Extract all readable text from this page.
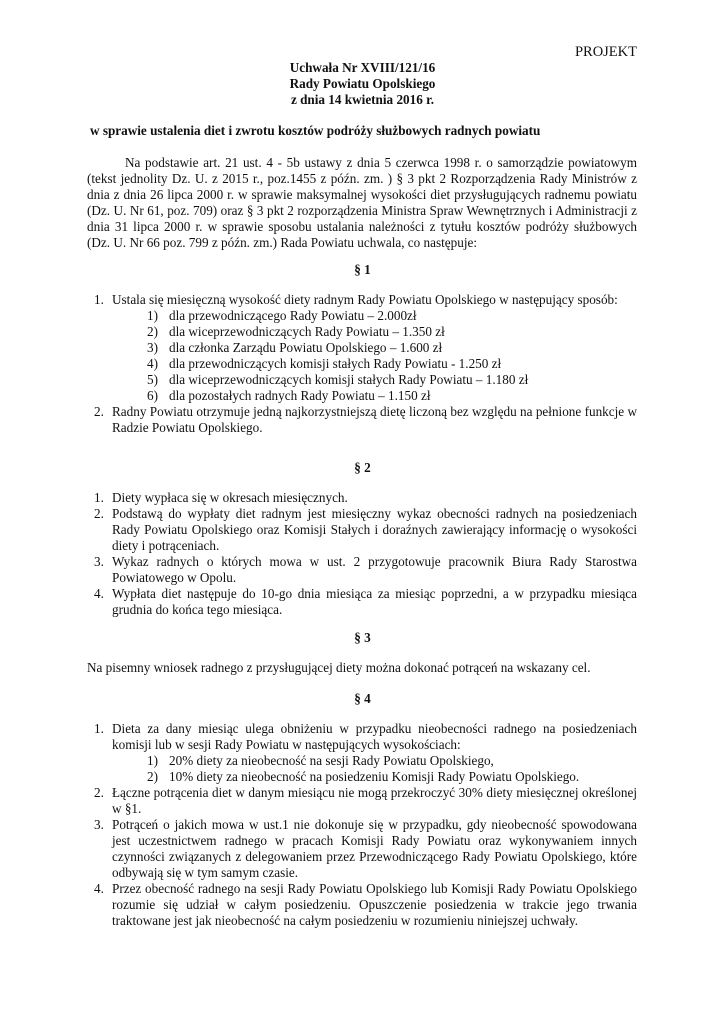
PROJEKT
Uchwała Nr XVIII/121/16
Rady Powiatu Opolskiego
z dnia 14 kwietnia 2016 r.
w sprawie ustalenia diet i zwrotu kosztów podróży służbowych radnych powiatu
Na podstawie art. 21 ust. 4 - 5b ustawy z dnia 5 czerwca 1998 r. o samorządzie powiatowym (tekst jednolity Dz. U. z 2015 r., poz.1455 z późn. zm. ) § 3 pkt 2 Rozporządzenia Rady Ministrów z dnia z dnia 26 lipca 2000 r. w sprawie maksymalnej wysokości diet przysługujących radnemu powiatu (Dz. U. Nr 61, poz. 709) oraz § 3 pkt 2 rozporządzenia Ministra Spraw Wewnętrznych i Administracji z dnia 31 lipca 2000 r. w sprawie sposobu ustalania należności z tytułu kosztów podróży służbowych (Dz. U. Nr 66 poz. 799 z późn. zm.) Rada Powiatu uchwala, co następuje:
§ 1
1. Ustala się miesięczną wysokość diety radnym Rady Powiatu Opolskiego w następujący sposób:
1) dla przewodniczącego Rady Powiatu – 2.000zł
2) dla wiceprzewodniczących Rady Powiatu – 1.350 zł
3) dla członka Zarządu Powiatu Opolskiego – 1.600 zł
4) dla przewodniczących komisji stałych Rady Powiatu - 1.250 zł
5) dla wiceprzewodniczących komisji stałych Rady Powiatu – 1.180 zł
6) dla pozostałych radnych Rady Powiatu – 1.150 zł
2. Radny Powiatu otrzymuje jedną najkorzystniejszą dietę liczoną bez względu na pełnione funkcje w Radzie Powiatu Opolskiego.
§ 2
1. Diety wypłaca się w okresach miesięcznych.
2. Podstawą do wypłaty diet radnym jest miesięczny wykaz obecności radnych na posiedzeniach Rady Powiatu Opolskiego oraz Komisji Stałych i doraźnych zawierający informację o wysokości diety i potrąceniach.
3. Wykaz radnych o których mowa w ust. 2 przygotowuje pracownik Biura Rady Starostwa Powiatowego w Opolu.
4. Wypłata diet następuje do 10-go dnia miesiąca za miesiąc poprzedni, a w przypadku miesiąca grudnia do końca tego miesiąca.
§ 3
Na pisemny wniosek radnego z przysługującej diety można dokonać potrąceń na wskazany cel.
§ 4
1. Dieta za dany miesiąc ulega obniżeniu w przypadku nieobecności radnego na posiedzeniach komisji lub w sesji Rady Powiatu w następujących wysokościach:
1) 20% diety za nieobecność na sesji Rady Powiatu Opolskiego,
2) 10% diety za nieobecność na posiedzeniu Komisji Rady Powiatu Opolskiego.
2. Łączne potrącenia diet w danym miesiącu nie mogą przekroczyć 30% diety miesięcznej określonej w §1.
3. Potrąceń o jakich mowa w ust.1 nie dokonuje się w przypadku, gdy nieobecność spowodowana jest uczestnictwem radnego w pracach Komisji Rady Powiatu oraz wykonywaniem innych czynności związanych z delegowaniem przez Przewodniczącego Rady Powiatu Opolskiego, które odbywają się w tym samym czasie.
4. Przez obecność radnego na sesji Rady Powiatu Opolskiego lub Komisji Rady Powiatu Opolskiego rozumie się udział w całym posiedzeniu. Opuszczenie posiedzenia w trakcie jego trwania traktowane jest jak nieobecność na całym posiedzeniu w rozumieniu niniejszej uchwały.
